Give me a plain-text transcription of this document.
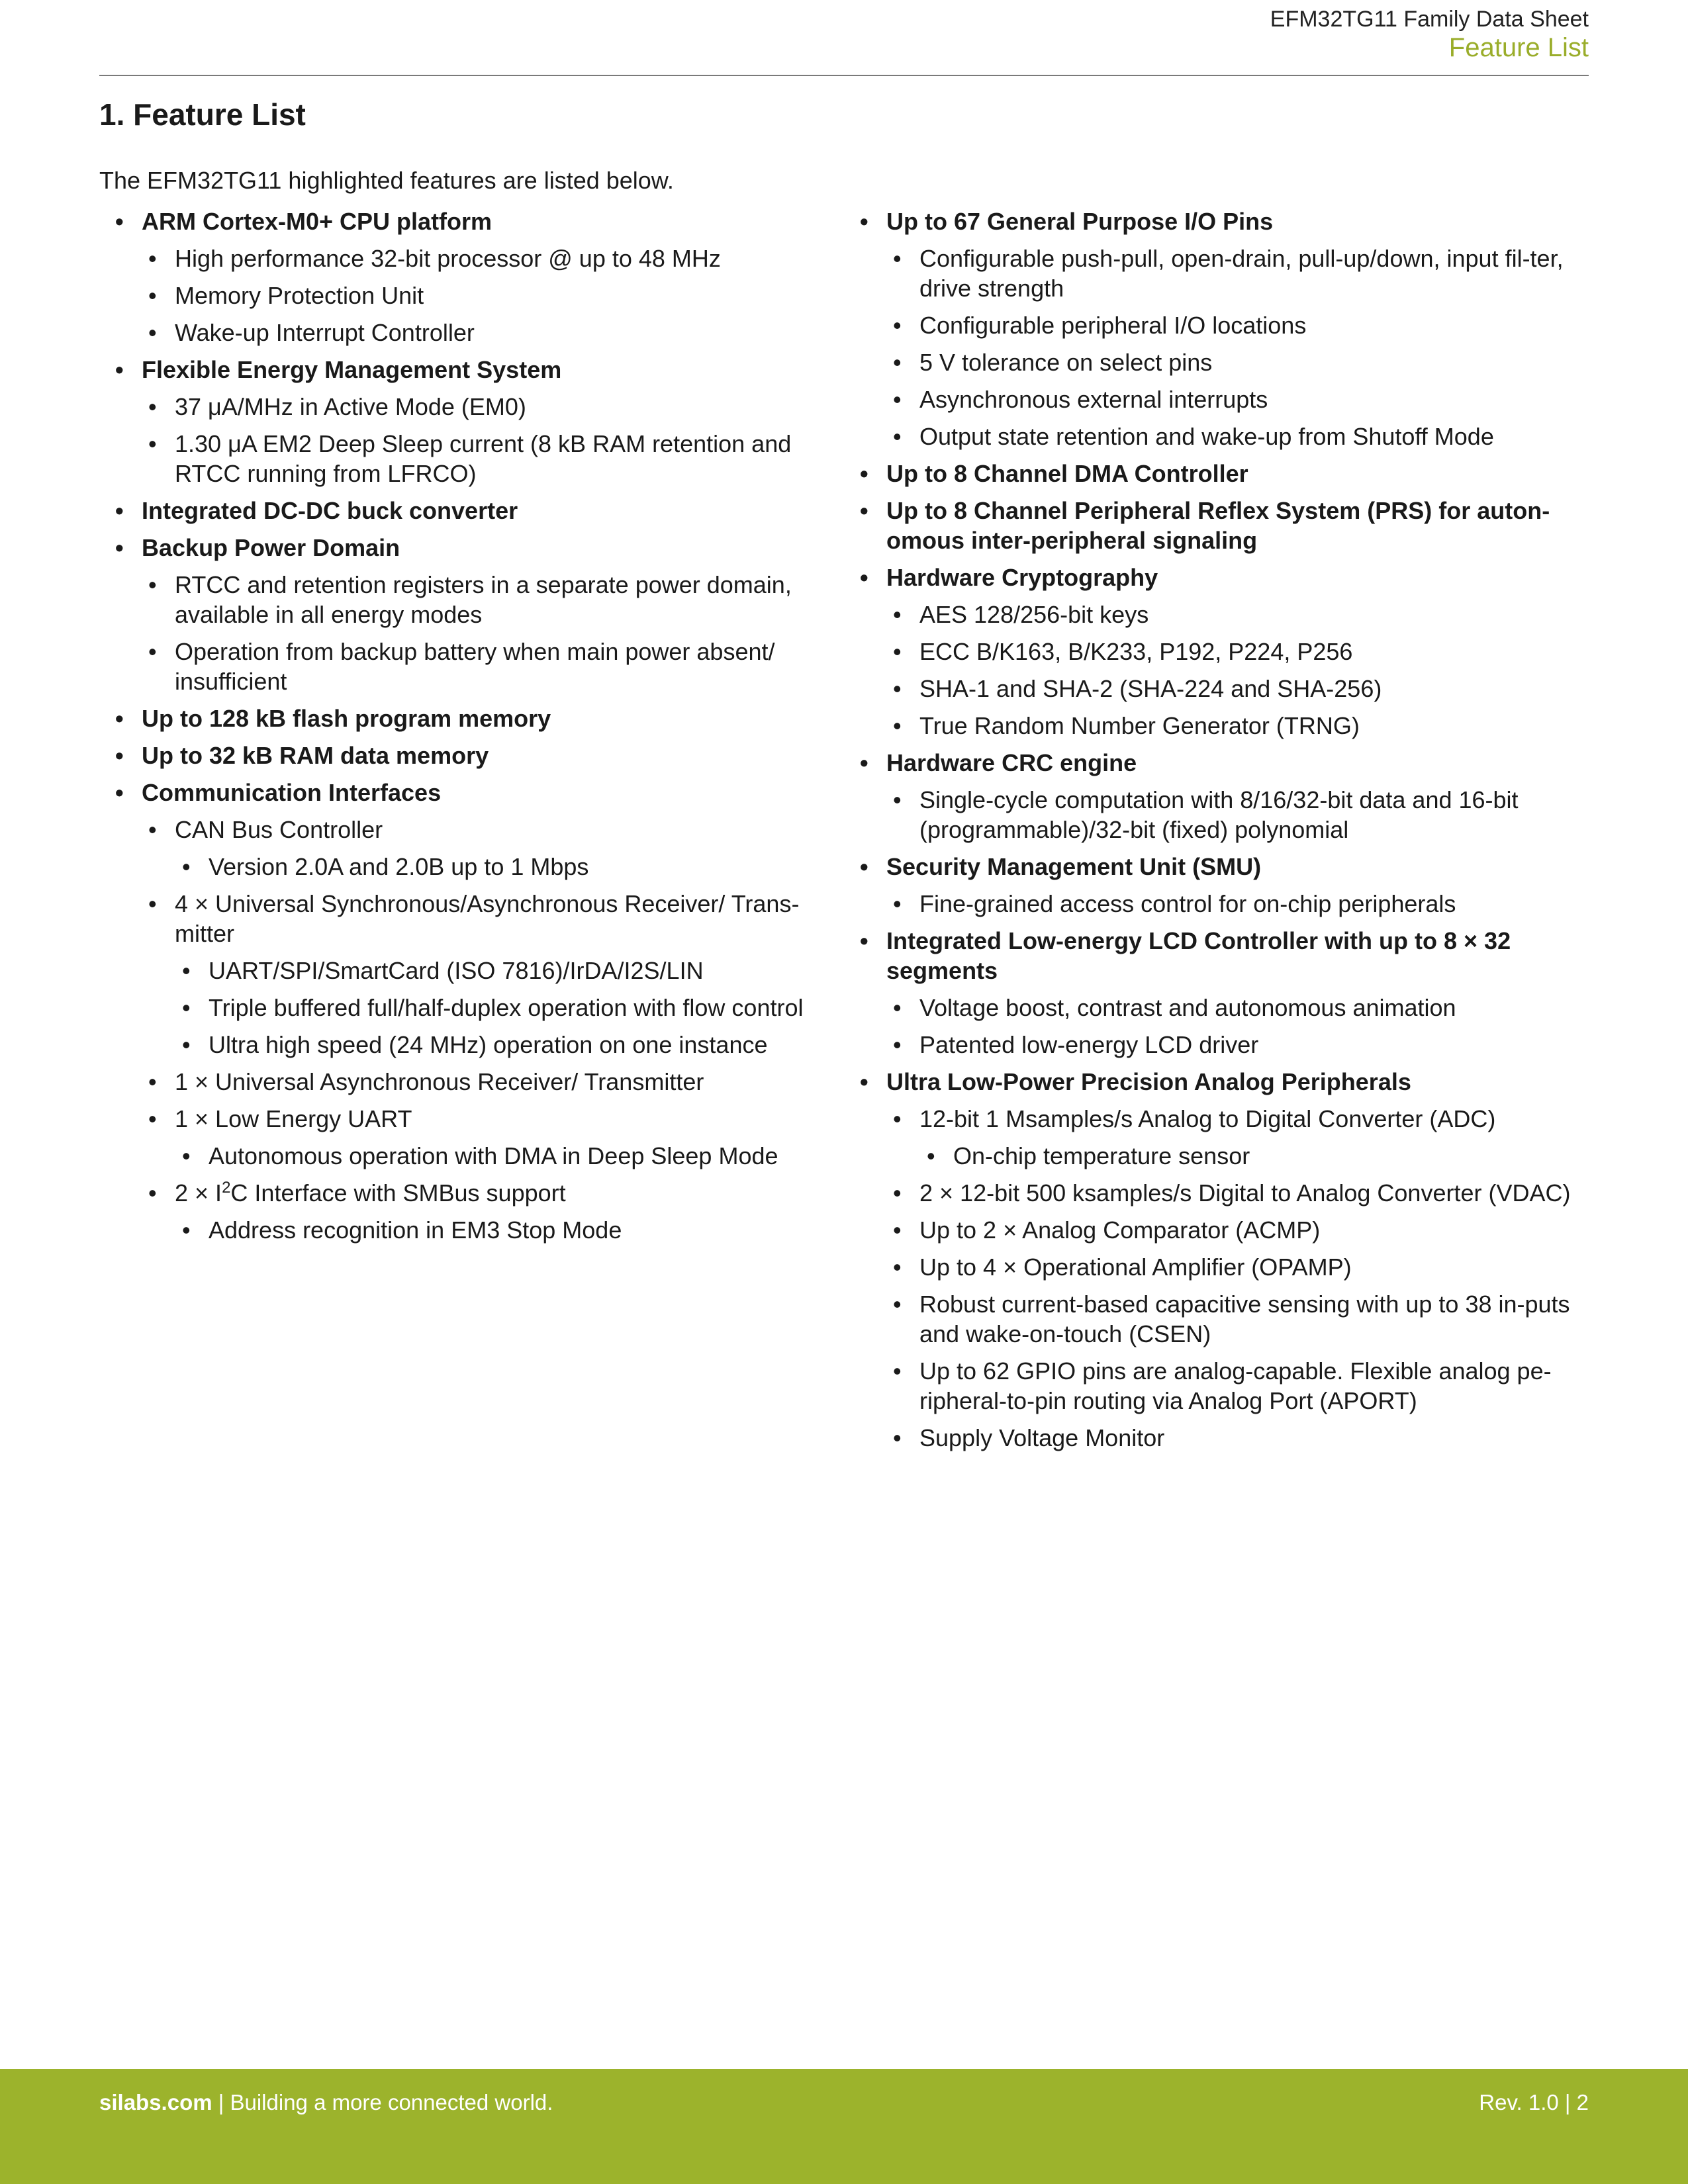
EFM32TG11 Family Data Sheet
Feature List
1. Feature List

The EFM32TG11 highlighted features are listed below.

• ARM Cortex-M0+ CPU platform
• High performance 32-bit processor @ up to 48 MHz
• Memory Protection Unit
• Wake-up Interrupt Controller
• Flexible Energy Management System
• 37 μA/MHz in Active Mode (EM0)
• 1.30 μA EM2 Deep Sleep current (8 kB RAM retention and RTCC running from LFRCO)
• Integrated DC-DC buck converter
• Backup Power Domain
• RTCC and retention registers in a separate power domain, available in all energy modes
• Operation from backup battery when main power absent/ insufficient
• Up to 128 kB flash program memory
• Up to 32 kB RAM data memory
• Communication Interfaces
• CAN Bus Controller
• Version 2.0A and 2.0B up to 1 Mbps
• 4 × Universal Synchronous/Asynchronous Receiver/ Trans-mitter
• UART/SPI/SmartCard (ISO 7816)/IrDA/I2S/LIN
• Triple buffered full/half-duplex operation with flow control
• Ultra high speed (24 MHz) operation on one instance
• 1 × Universal Asynchronous Receiver/ Transmitter
• 1 × Low Energy UART
• Autonomous operation with DMA in Deep Sleep Mode
• $2 \times I^2C$ Interface with SMBus support
• Address recognition in EM3 Stop Mode
• Up to 67 General Purpose I/O Pins
• Configurable push-pull, open-drain, pull-up/down, input fil-ter, drive strength
• Configurable peripheral I/O locations
• 5 V tolerance on select pins
• Asynchronous external interrupts
• Output state retention and wake-up from Shutoff Mode
• Up to 8 Channel DMA Controller
• Up to 8 Channel Peripheral Reflex System (PRS) for auton-omous inter-peripheral signaling
• Hardware Cryptography
• AES 128/256-bit keys
• ECC B/K163, B/K233, P192, P224, P256
• SHA-1 and SHA-2 (SHA-224 and SHA-256)
• True Random Number Generator (TRNG)
• Hardware CRC engine
• Single-cycle computation with 8/16/32-bit data and 16-bit (programmable)/32-bit (fixed) polynomial
• Security Management Unit (SMU)
• Fine-grained access control for on-chip peripherals
• Integrated Low-energy LCD Controller with up to 8 × 32 segments
• Voltage boost, contrast and autonomous animation
• Patented low-energy LCD driver
• Ultra Low-Power Precision Analog Peripherals
• 12-bit 1 Msamples/s Analog to Digital Converter (ADC)
• On-chip temperature sensor
• 2 × 12-bit 500 ksamples/s Digital to Analog Converter (VDAC)
• Up to 2 × Analog Comparator (ACMP)
• Up to 4 × Operational Amplifier (OPAMP)
• Robust current-based capacitive sensing with up to 38 in-puts and wake-on-touch (CSEN)
• Up to 62 GPIO pins are analog-capable. Flexible analog pe-ripheral-to-pin routing via Analog Port (APORT)
• Supply Voltage Monitor
silabs.com | Building a more connected world.	Rev. 1.0 | 2
